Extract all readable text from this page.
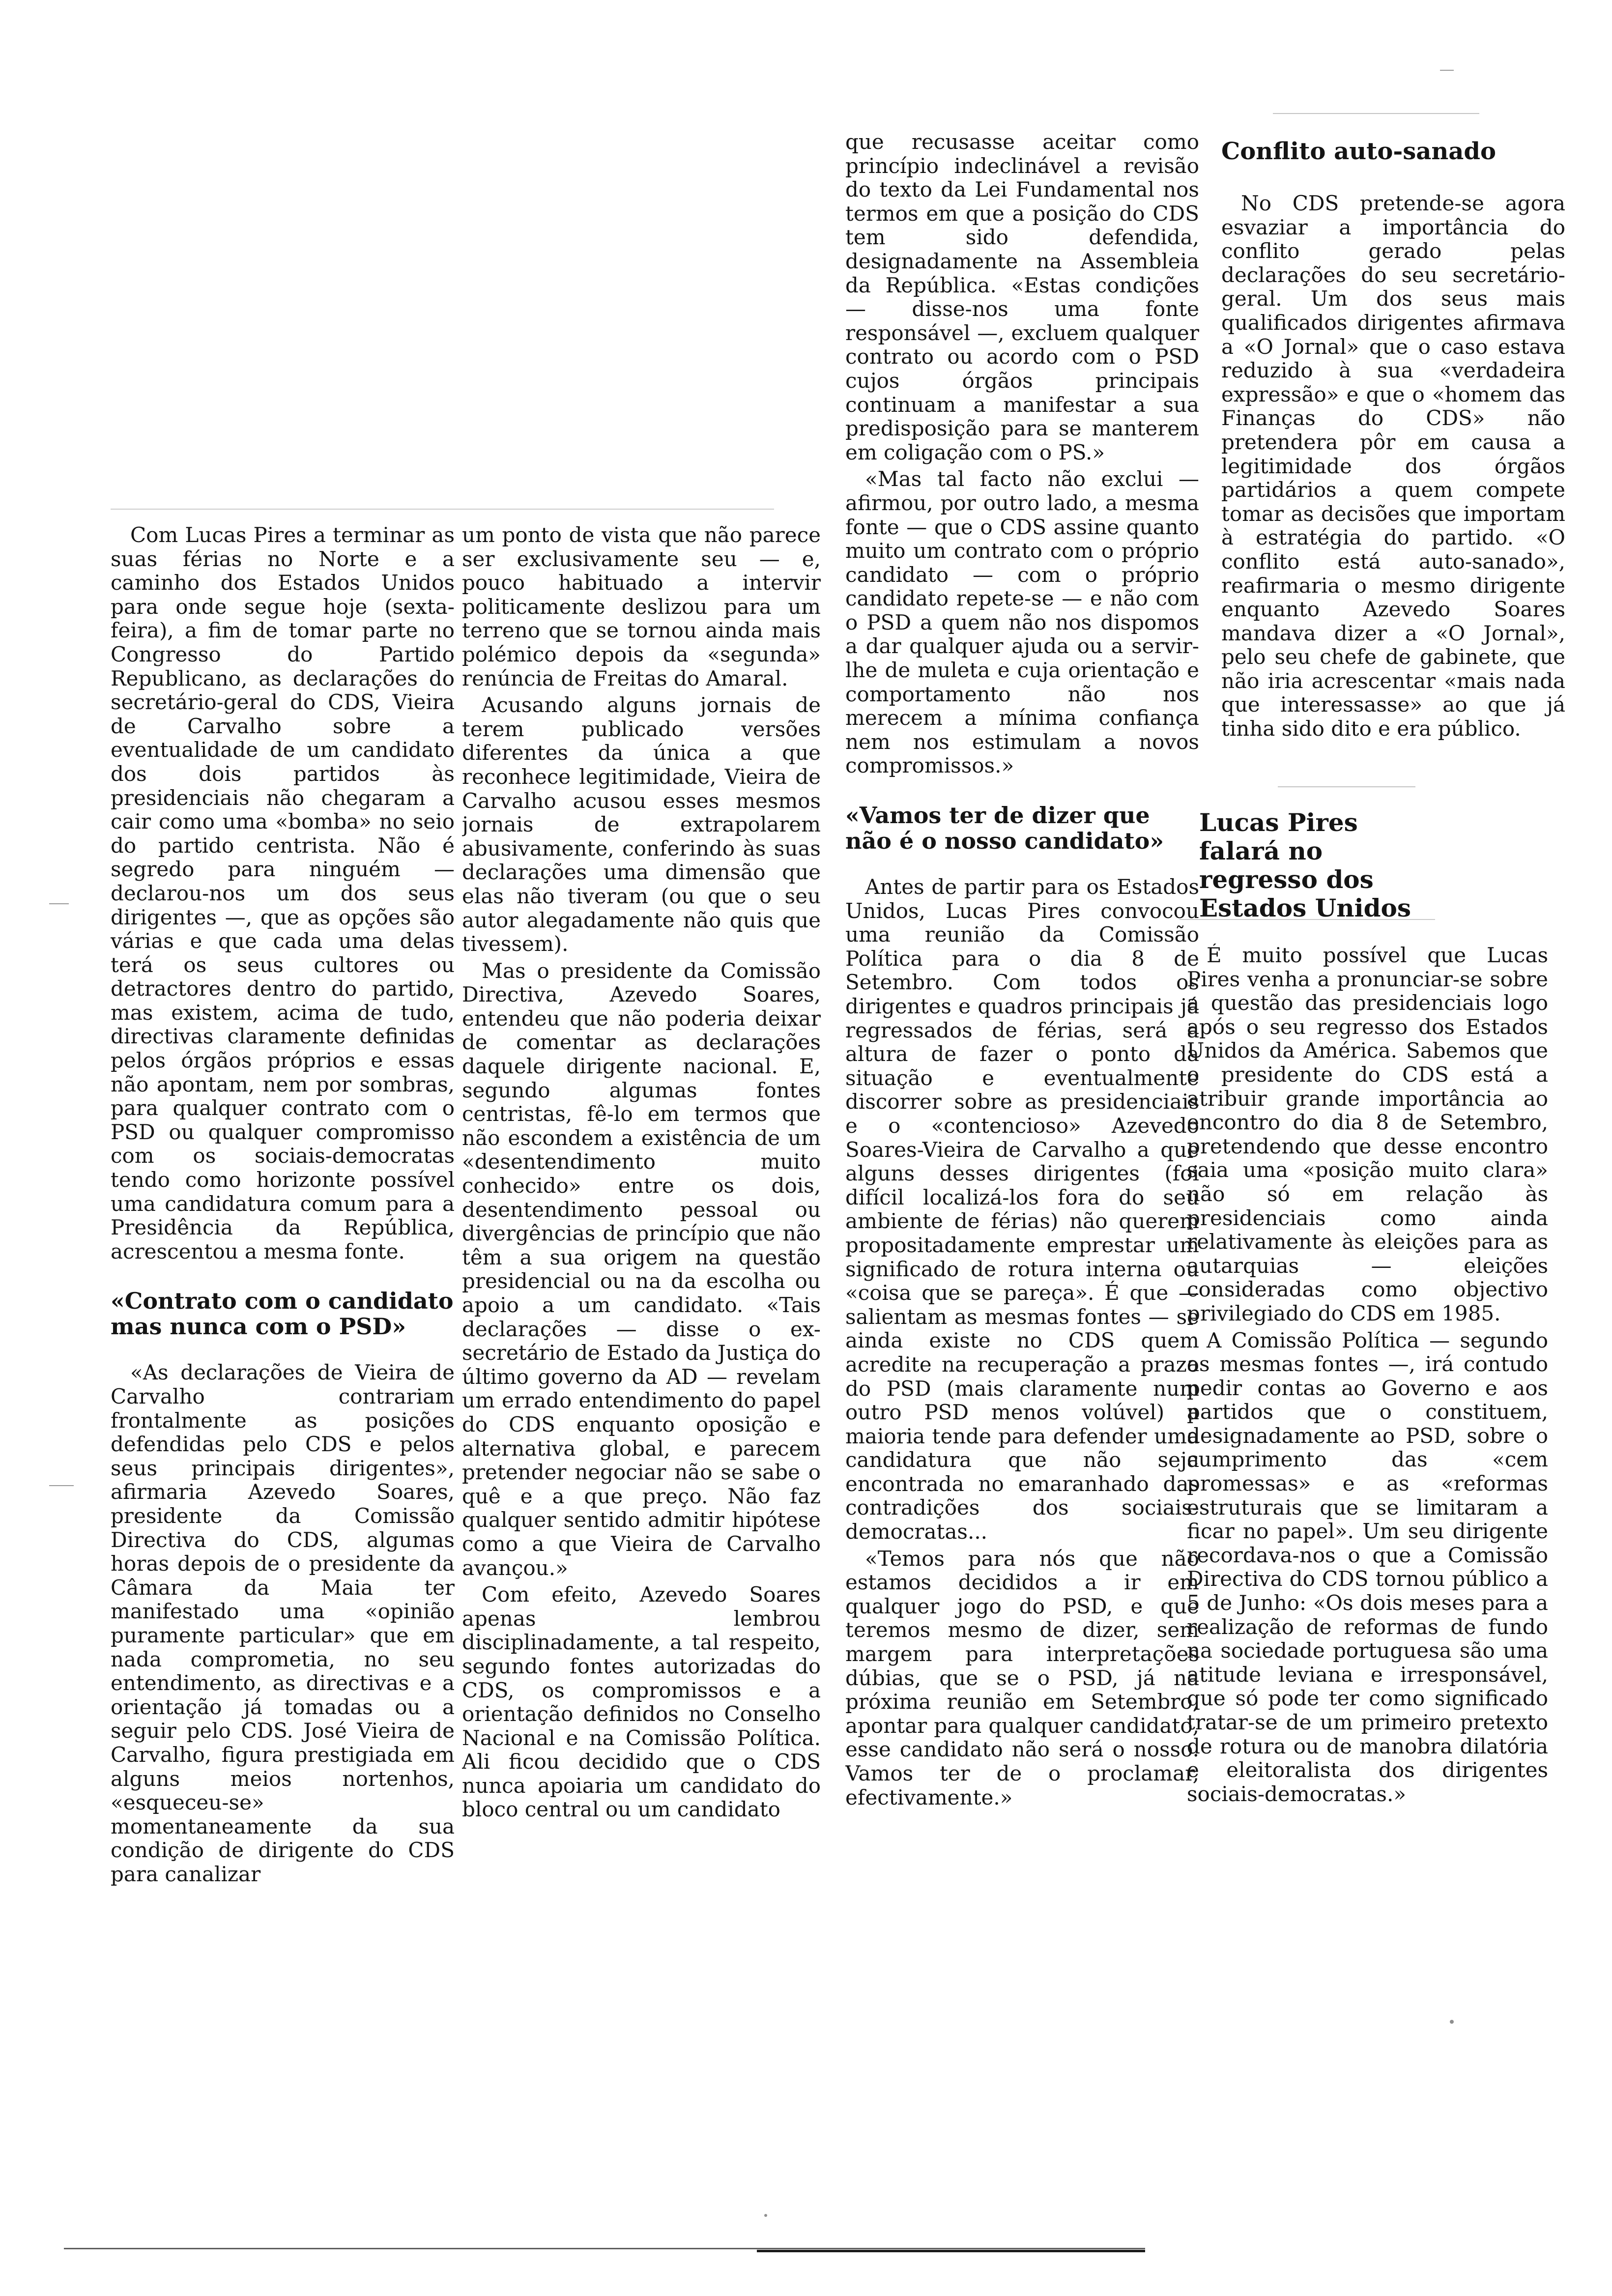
Com Lucas Pires a terminar as suas férias no Norte e a caminho dos Estados Unidos para onde segue hoje (sexta-feira), a fim de tomar parte no Congresso do Partido Republicano, as declarações do secretário-geral do CDS, Vieira de Carvalho sobre a eventualidade de um candidato dos dois partidos às presidenciais não chegaram a cair como uma «bomba» no seio do partido centrista. Não é segredo para ninguém — declarou-nos um dos seus dirigentes —, que as opções são várias e que cada uma delas terá os seus cultores ou detractores dentro do partido, mas existem, acima de tudo, directivas claramente definidas pelos órgãos próprios e essas não apontam, nem por sombras, para qualquer contrato com o PSD ou qualquer compromisso com os sociais-democratas tendo como horizonte possível uma candidatura comum para a Presidência da República, acrescentou a mesma fonte.

«Contrato com o candidato mas nunca com o PSD»

«As declarações de Vieira de Carvalho contrariam frontalmente as posições defendidas pelo CDS e pelos seus principais dirigentes», afirmaria Azevedo Soares, presidente da Comissão Directiva do CDS, algumas horas depois de o presidente da Câmara da Maia ter manifestado uma «opinião puramente particular» que em nada comprometia, no seu entendimento, as directivas e a orientação já tomadas ou a seguir pelo CDS. José Vieira de Carvalho, figura prestigiada em alguns meios nortenhos, «esqueceu-se» momentaneamente da sua condição de dirigente do CDS para canalizar

um ponto de vista que não parece ser exclusivamente seu — e, pouco habituado a intervir politicamente deslizou para um terreno que se tornou ainda mais polémico depois da «segunda» renúncia de Freitas do Amaral.

Acusando alguns jornais de terem publicado versões diferentes da única a que reconhece legitimidade, Vieira de Carvalho acusou esses mesmos jornais de extrapolarem abusivamente, conferindo às suas declarações uma dimensão que elas não tiveram (ou que o seu autor alegadamente não quis que tivessem).

Mas o presidente da Comissão Directiva, Azevedo Soares, entendeu que não poderia deixar de comentar as declarações daquele dirigente nacional. E, segundo algumas fontes centristas, fê-lo em termos que não escondem a existência de um «desentendimento muito conhecido» entre os dois, desentendimento pessoal ou divergências de princípio que não têm a sua origem na questão presidencial ou na da escolha ou apoio a um candidato. «Tais declarações — disse o ex-secretário de Estado da Justiça do último governo da AD — revelam um errado entendimento do papel do CDS enquanto oposição e alternativa global, e parecem pretender negociar não se sabe o quê e a que preço. Não faz qualquer sentido admitir hipótese como a que Vieira de Carvalho avançou.»

Com efeito, Azevedo Soares apenas lembrou disciplinadamente, a tal respeito, segundo fontes autorizadas do CDS, os compromissos e a orientação definidos no Conselho Nacional e na Comissão Política. Ali ficou decidido que o CDS nunca apoiaria um candidato do bloco central ou um candidato

que recusasse aceitar como princípio indeclinável a revisão do texto da Lei Fundamental nos termos em que a posição do CDS tem sido defendida, designadamente na Assembleia da República. «Estas condições — disse-nos uma fonte responsável —, excluem qualquer contrato ou acordo com o PSD cujos órgãos principais continuam a manifestar a sua predisposição para se manterem em coligação com o PS.»

«Mas tal facto não exclui — afirmou, por outro lado, a mesma fonte — que o CDS assine quanto muito um contrato com o próprio candidato — com o próprio candidato repete-se — e não com o PSD a quem não nos dispomos a dar qualquer ajuda ou a servir-lhe de muleta e cuja orientação e comportamento não nos merecem a mínima confiança nem nos estimulam a novos compromissos.»

«Vamos ter de dizer que não é o nosso candidato»

Antes de partir para os Estados Unidos, Lucas Pires convocou uma reunião da Comissão Política para o dia 8 de Setembro. Com todos os dirigentes e quadros principais já regressados de férias, será a altura de fazer o ponto da situação e eventualmente discorrer sobre as presidenciais e o «contencioso» Azevedo Soares-Vieira de Carvalho a que alguns desses dirigentes (foi difícil localizá-los fora do seu ambiente de férias) não querem propositadamente emprestar um significado de rotura interna ou «coisa que se pareça». É que — salientam as mesmas fontes — se ainda existe no CDS quem acredite na recuperação a prazo do PSD (mais claramente num outro PSD menos volúvel) a maioria tende para defender uma candidatura que não seja encontrada no emaranhado das contradições dos sociais-democratas...

«Temos para nós que não estamos decididos a ir em qualquer jogo do PSD, e que teremos mesmo de dizer, sem margem para interpretações dúbias, que se o PSD, já na próxima reunião em Setembro, apontar para qualquer candidato, esse candidato não será o nosso. Vamos ter de o proclamar, efectivamente.»

Conflito auto-sanado

No CDS pretende-se agora esvaziar a importância do conflito gerado pelas declarações do seu secretário-geral. Um dos seus mais qualificados dirigentes afirmava a «O Jornal» que o caso estava reduzido à sua «verdadeira expressão» e que o «homem das Finanças do CDS» não pretendera pôr em causa a legitimidade dos órgãos partidários a quem compete tomar as decisões que importam à estratégia do partido. «O conflito está auto-sanado», reafirmaria o mesmo dirigente enquanto Azevedo Soares mandava dizer a «O Jornal», pelo seu chefe de gabinete, que não iria acrescentar «mais nada que interessasse» ao que já tinha sido dito e era público.

Lucas Pires falará no regresso dos Estados Unidos

É muito possível que Lucas Pires venha a pronunciar-se sobre a questão das presidenciais logo após o seu regresso dos Estados Unidos da América. Sabemos que o presidente do CDS está a atribuir grande importância ao encontro do dia 8 de Setembro, pretendendo que desse encontro saia uma «posição muito clara» não só em relação às presidenciais como ainda relativamente às eleições para as autarquias — eleições consideradas como objectivo privilegiado do CDS em 1985.

A Comissão Política — segundo as mesmas fontes —, irá contudo pedir contas ao Governo e aos partidos que o constituem, designadamente ao PSD, sobre o cumprimento das «cem promessas» e as «reformas estruturais que se limitaram a ficar no papel». Um seu dirigente recordava-nos o que a Comissão Directiva do CDS tornou público a 5 de Junho: «Os dois meses para a realização de reformas de fundo na sociedade portuguesa são uma atitude leviana e irresponsável, que só pode ter como significado tratar-se de um primeiro pretexto de rotura ou de manobra dilatória e eleitoralista dos dirigentes sociais-democratas.»
